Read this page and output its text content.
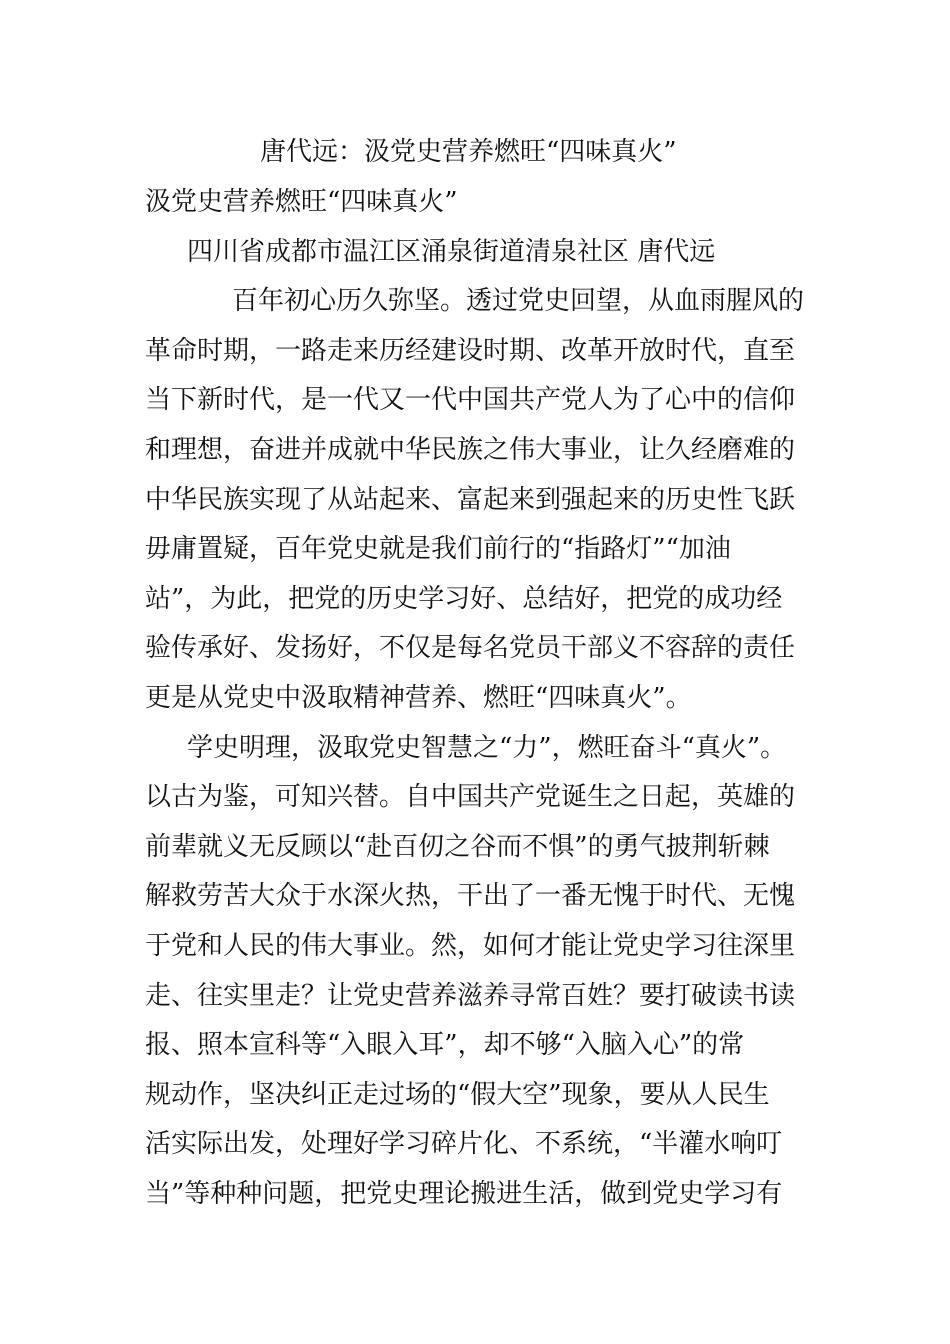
唐代远：汲党史营养燃旺“四味真火”
汲党史营养燃旺“四味真火”
四川省成都市温江区涌泉街道清泉社区 唐代远
百年初心历久弥坚。透过党史回望，从血雨腥风的
革命时期，一路走来历经建设时期、改革开放时代，直至
当下新时代，是一代又一代中国共产党人为了心中的信仰
和理想，奋进并成就中华民族之伟大事业，让久经磨难的
中华民族实现了从站起来、富起来到强起来的历史性飞跃
毋庸置疑，百年党史就是我们前行的“指路灯”“加油
站”，为此，把党的历史学习好、总结好，把党的成功经
验传承好、发扬好，不仅是每名党员干部义不容辞的责任
更是从党史中汲取精神营养、燃旺“四味真火”。
学史明理，汲取党史智慧之“力”，燃旺奋斗“真火”。
以古为鉴，可知兴替。自中国共产党诞生之日起，英雄的
前辈就义无反顾以“赴百仞之谷而不惧”的勇气披荆斩棘
解救劳苦大众于水深火热，干出了一番无愧于时代、无愧
于党和人民的伟大事业。然，如何才能让党史学习往深里
走、往实里走？让党史营养滋养寻常百姓？要打破读书读
报、照本宣科等“入眼入耳”，却不够“入脑入心”的常
规动作，坚决纠正走过场的“假大空”现象，要从人民生
活实际出发，处理好学习碎片化、不系统，“半灌水响叮
当”等种种问题，把党史理论搬进生活，做到党史学习有
